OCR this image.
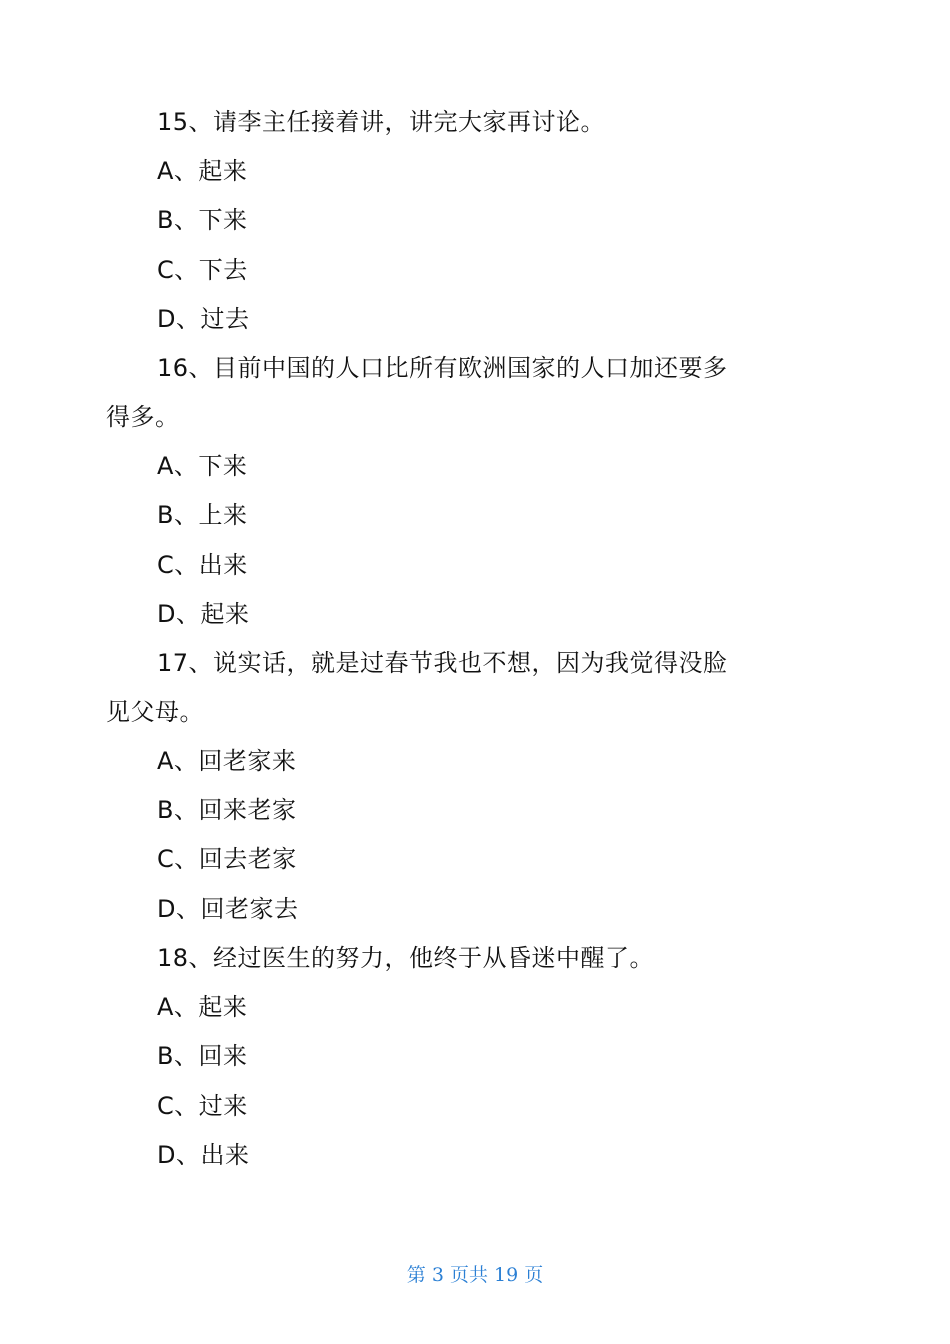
15、请李主任接着讲，讲完大家再讨论。
A、起来
B、下来
C、下去
D、过去
16、目前中国的人口比所有欧洲国家的人口加还要多
得多。
A、下来
B、上来
C、出来
D、起来
17、说实话，就是过春节我也不想，因为我觉得没脸
见父母。
A、回老家来
B、回来老家
C、回去老家
D、回老家去
18、经过医生的努力，他终于从昏迷中醒了。
A、起来
B、回来
C、过来
D、出来
第 3 页共 19 页
